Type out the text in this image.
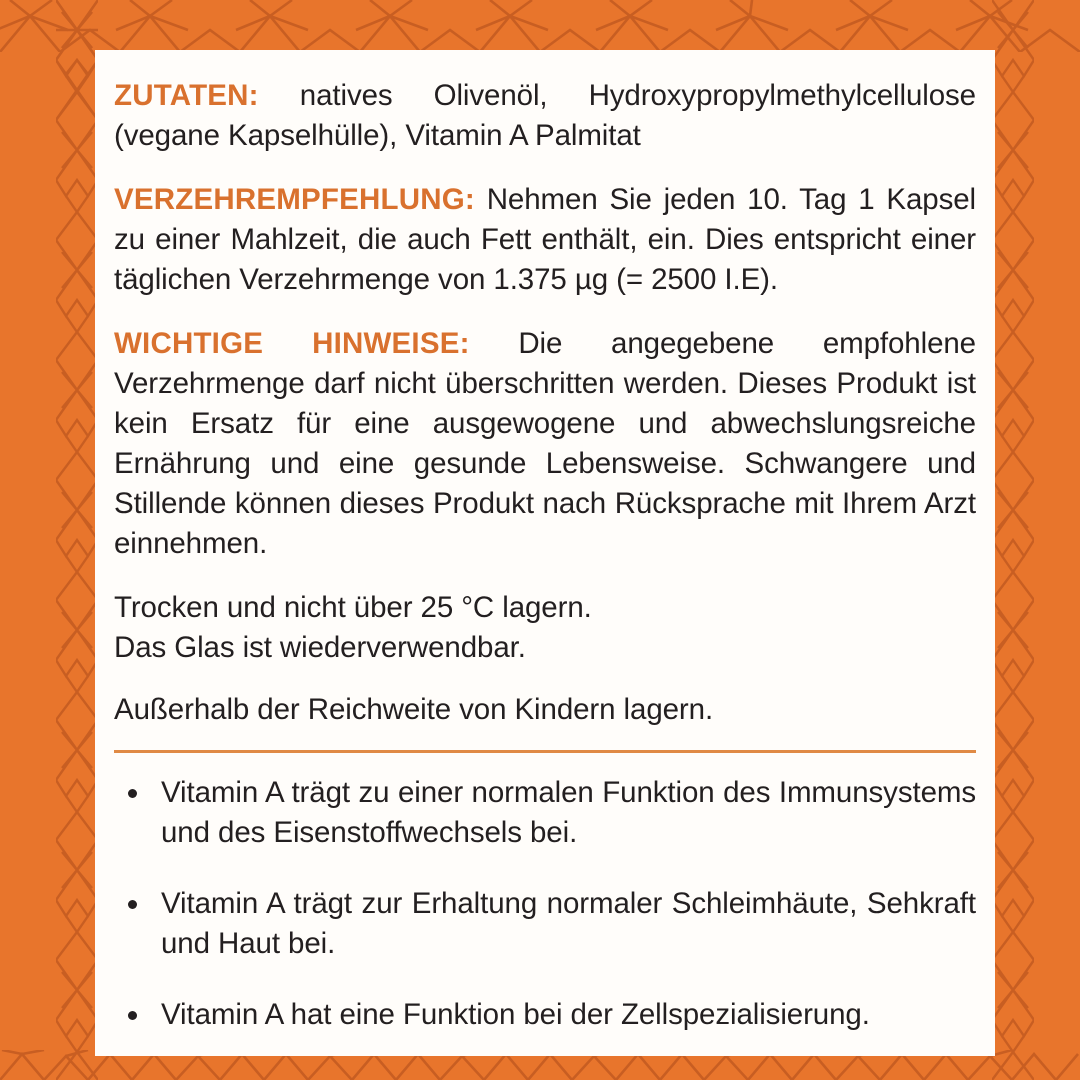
ZUTATEN: natives Olivenöl, Hydroxypropylmethylcellulose (vegane Kapselhülle), Vitamin A Palmitat

VERZEHREMPFEHLUNG: Nehmen Sie jeden 10. Tag 1 Kapsel zu einer Mahlzeit, die auch Fett enthält, ein. Dies entspricht einer täglichen Verzehrmenge von 1.375 µg (= 2500 I.E).

WICHTIGE HINWEISE: Die angegebene empfohlene Verzehrmenge darf nicht überschritten werden. Dieses Produkt ist kein Ersatz für eine ausgewogene und abwechslungsreiche Ernährung und eine gesunde Lebensweise. Schwangere und Stillende können dieses Produkt nach Rücksprache mit Ihrem Arzt einnehmen.

Trocken und nicht über 25 °C lagern.
Das Glas ist wiederverwendbar.

Außerhalb der Reichweite von Kindern lagern.

Vitamin A trägt zu einer normalen Funktion des Immunsystems und des Eisenstoffwechsels bei.
Vitamin A trägt zur Erhaltung normaler Schleimhäute, Sehkraft und Haut bei.
Vitamin A hat eine Funktion bei der Zellspezialisierung.
